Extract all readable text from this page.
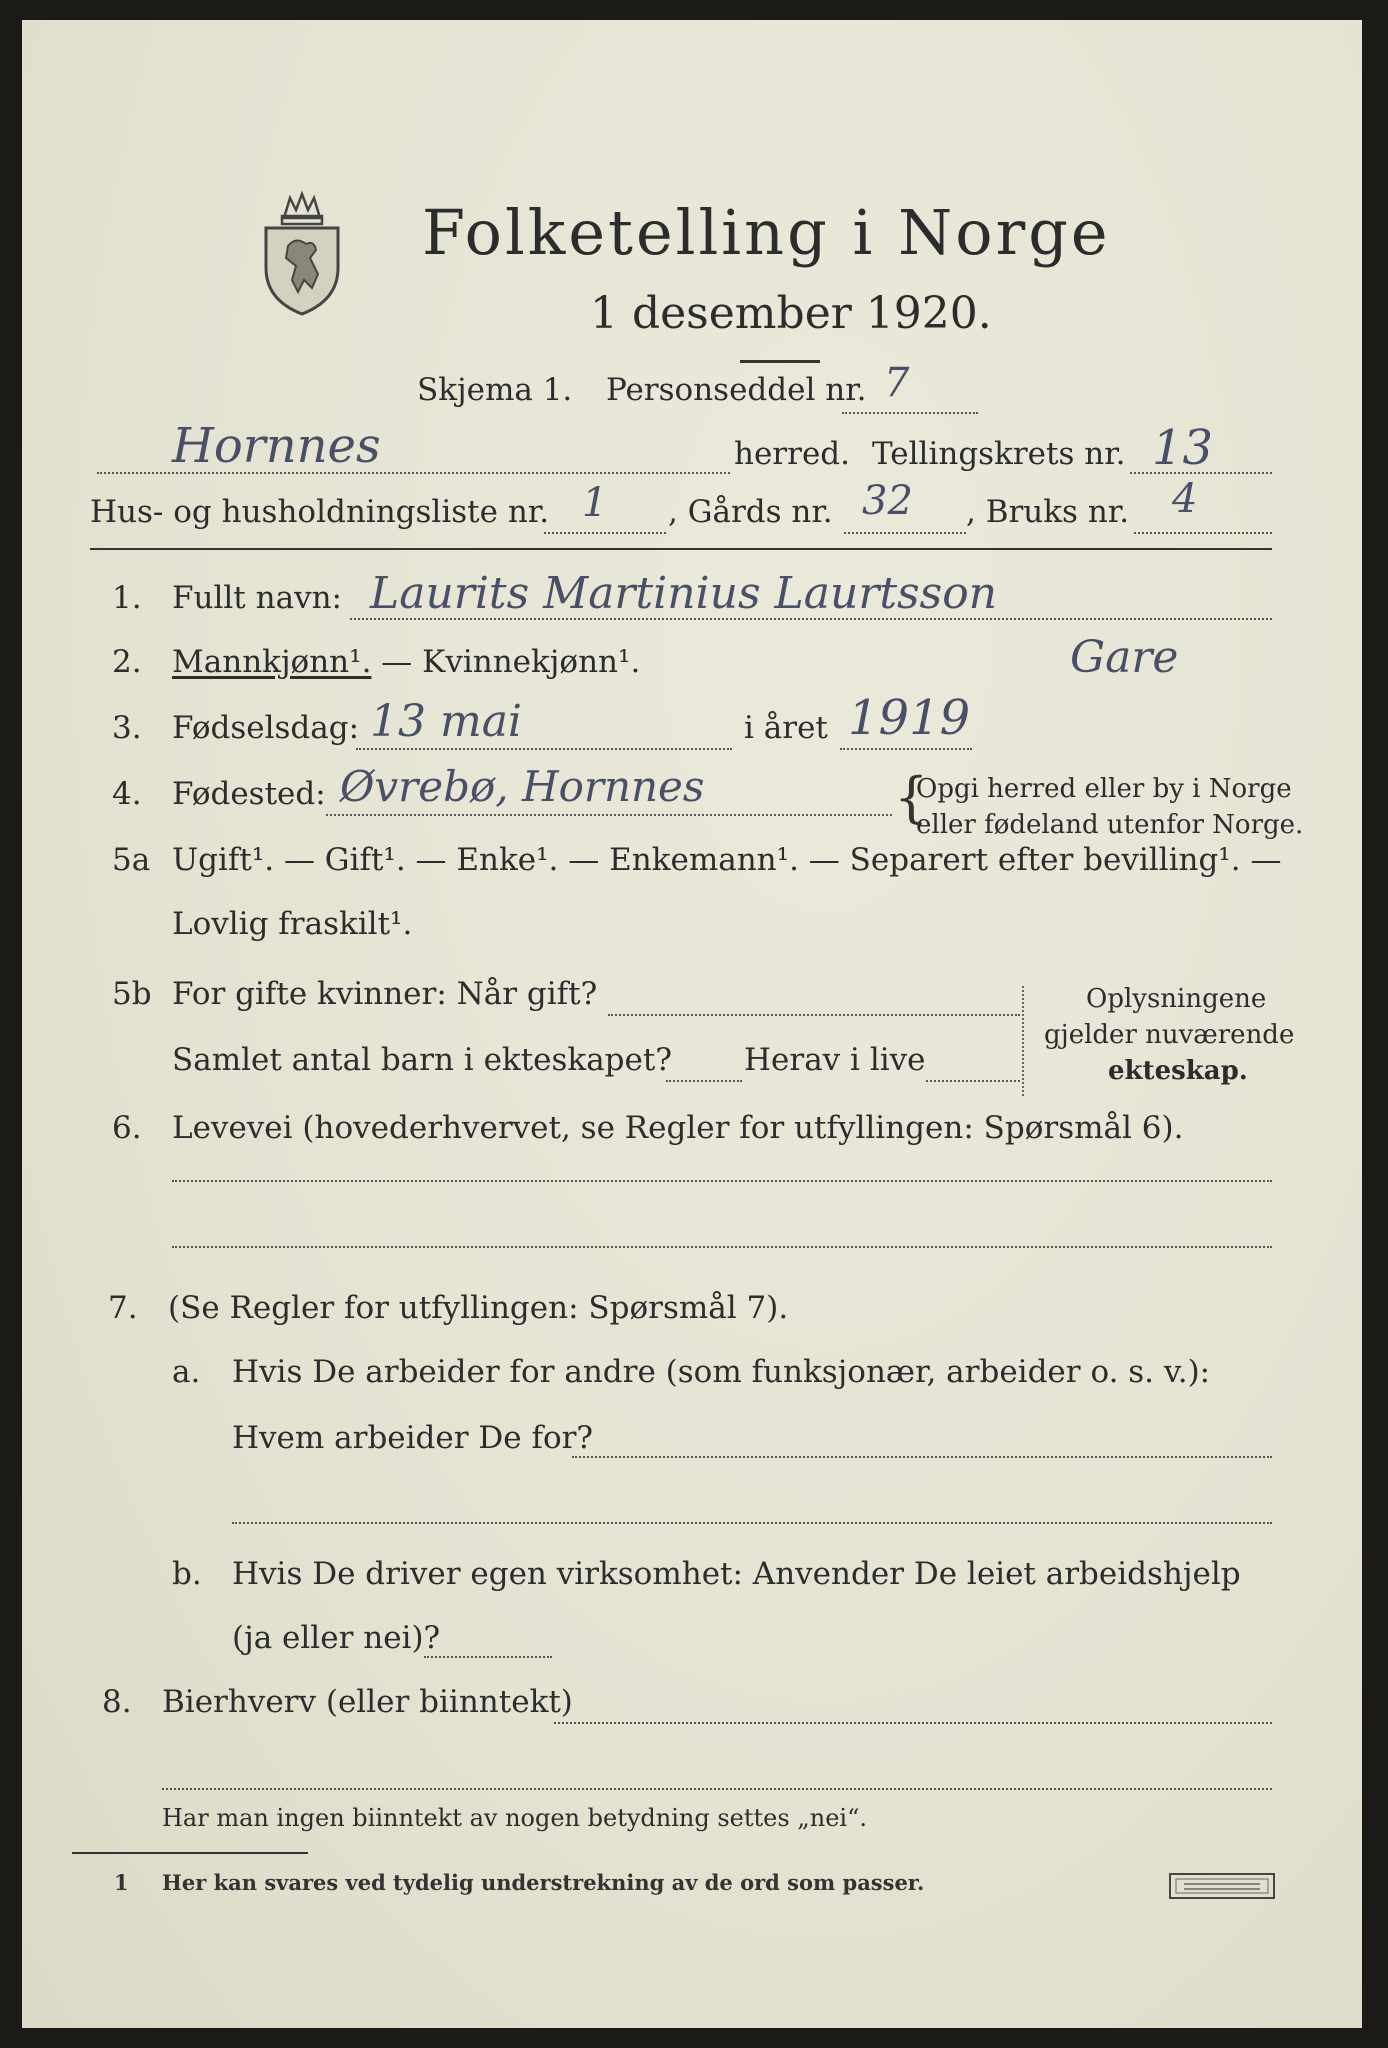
Folketelling i Norge
1 desember 1920.
Skjema 1. Personseddel nr. 7
Hornnes	herred. Tellingskrets nr. 13
Hus- og husholdningsliste nr. 1 , Gårds nr. 32 , Bruks nr. 4
1. Fullt navn: Laurits Martinius Laurtsson
Gare
2. Mannkjønn¹. — Kvinnekjønn¹.
3. Fødselsdag: 13 mai	i året 1919
4. Fødested: Øvrebø, Hornnes	{
Opgi herred eller by i Norge
eller fødeland utenfor Norge.
5a Ugift¹. — Gift¹. — Enke¹. — Enkemann¹. — Separert efter bevilling¹. —
Lovlig fraskilt¹.
5b For gifte kvinner: Når gift?
Samlet antal barn i ekteskapet? Herav i live
Oplysningene
gjelder nuværende
ekteskap.
6. Levevei (hovederhvervet, se Regler for utfyllingen: Spørsmål 6).
7. (Se Regler for utfyllingen: Spørsmål 7).
a. Hvis De arbeider for andre (som funksjonær, arbeider o. s. v.):
Hvem arbeider De for?
b. Hvis De driver egen virksomhet: Anvender De leiet arbeidshjelp
(ja eller nei)?
8. Bierhverv (eller biinntekt)
Har man ingen biinntekt av nogen betydning settes „nei“.
1 Her kan svares ved tydelig understrekning av de ord som passer.
